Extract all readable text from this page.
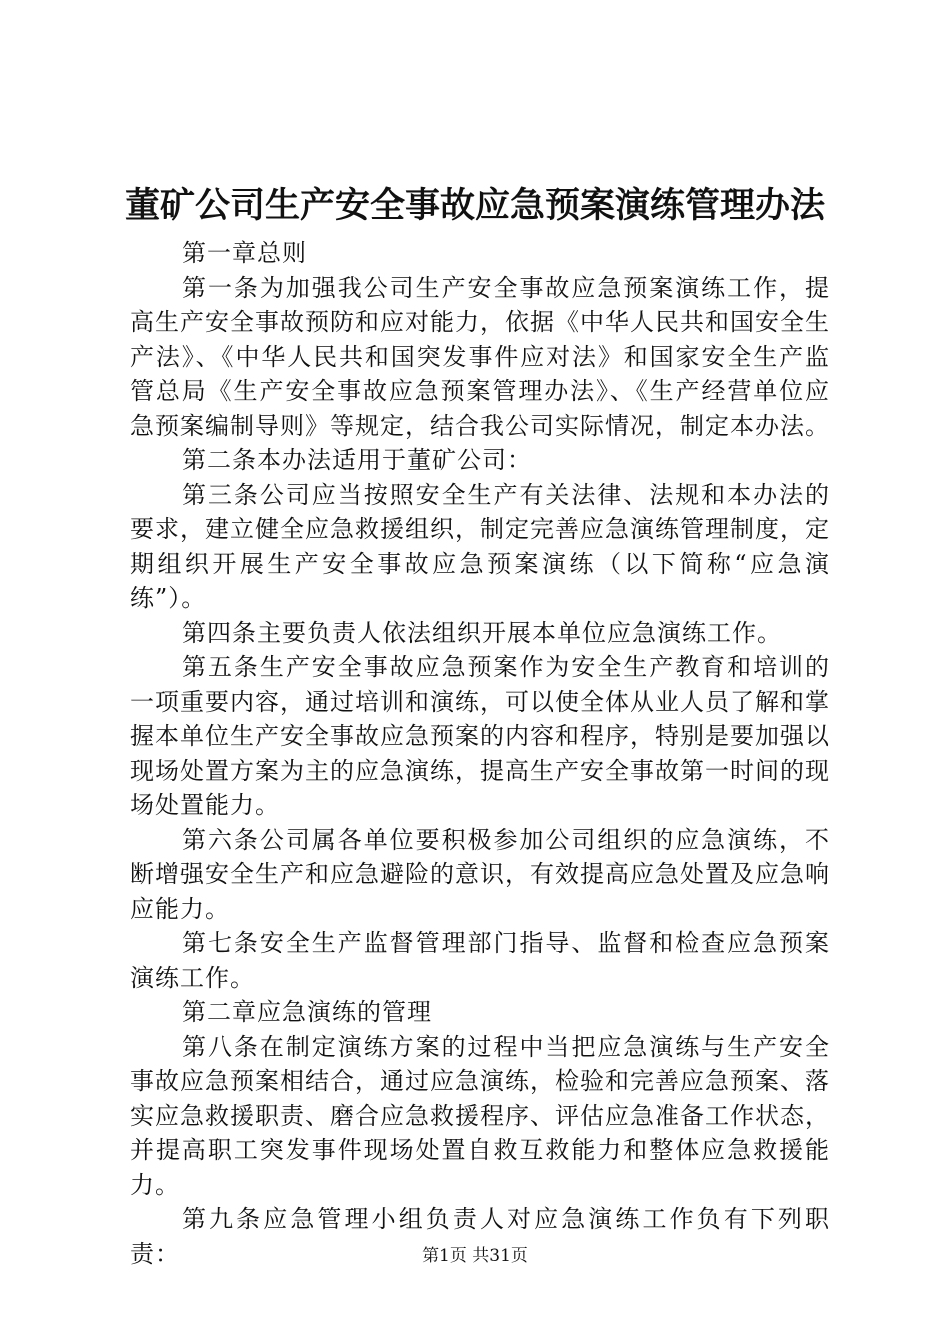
董矿公司生产安全事故应急预案演练管理办法

第一章总则

第一条为加强我公司生产安全事故应急预案演练工作，提高生产安全事故预防和应对能力，依据《中华人民共和国安全生产法》、《中华人民共和国突发事件应对法》和国家安全生产监管总局《生产安全事故应急预案管理办法》、《生产经营单位应急预案编制导则》等规定，结合我公司实际情况，制定本办法。

第二条本办法适用于董矿公司：

第三条公司应当按照安全生产有关法律、法规和本办法的要求，建立健全应急救援组织，制定完善应急演练管理制度，定期组织开展生产安全事故应急预案演练（以下简称“应急演练”）。

第四条主要负责人依法组织开展本单位应急演练工作。

第五条生产安全事故应急预案作为安全生产教育和培训的一项重要内容，通过培训和演练，可以使全体从业人员了解和掌握本单位生产安全事故应急预案的内容和程序，特别是要加强以现场处置方案为主的应急演练，提高生产安全事故第一时间的现场处置能力。

第六条公司属各单位要积极参加公司组织的应急演练，不断增强安全生产和应急避险的意识，有效提高应急处置及应急响应能力。

第七条安全生产监督管理部门指导、监督和检查应急预案演练工作。

第二章应急演练的管理

第八条在制定演练方案的过程中当把应急演练与生产安全事故应急预案相结合，通过应急演练，检验和完善应急预案、落实应急救援职责、磨合应急救援程序、评估应急准备工作状态，并提高职工突发事件现场处置自救互救能力和整体应急救援能力。

第九条应急管理小组负责人对应急演练工作负有下列职责：	第1页 共31页
